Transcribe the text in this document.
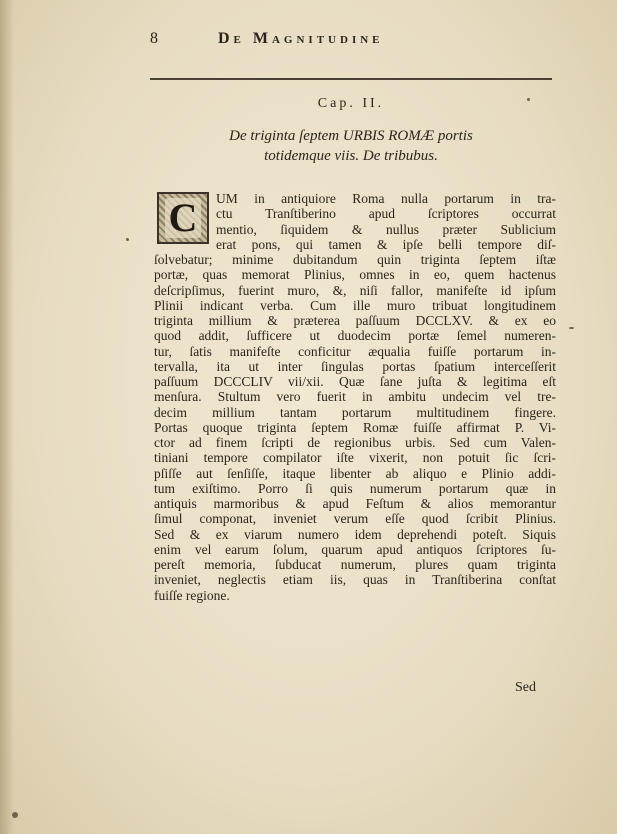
8	De Magnitudine
Cap. II.
De triginta ſeptem URBIS ROMÆ portis
totidemque viis. De tribubus.
UM in antiquiore Roma nulla portarum in tra-
ctu Tranſtiberino apud ſcriptores occurrat
mentio, ſiquidem & nullus præter Sublicium
erat pons, qui tamen & ipſe belli tempore diſ-
ſolvebatur; minime dubitandum quin triginta ſeptem iſtæ
portæ, quas memorat Plinius, omnes in eo, quem hactenus
deſcripſimus, fuerint muro, &, niſi fallor, manifeſte id ipſum
Plinii indicant verba. Cum ille muro tribuat longitudinem
triginta millium & præterea paſſuum DCCLXV. & ex eo
quod addit, ſufficere ut duodecim portæ ſemel numeren-
tur, ſatis manifeſte conficitur æqualia fuiſſe portarum in-
tervalla, ita ut inter ſingulas portas ſpatium interceſſerit
paſſuum DCCCLIV vii/xii. Quæ ſane juſta & legitima eſt
menſura. Stultum vero fuerit in ambitu undecim vel tre-
decim millium tantam portarum multitudinem fingere.
Portas quoque triginta ſeptem Romæ fuiſſe affirmat P. Vi-
ctor ad finem ſcripti de regionibus urbis. Sed cum Valen-
tiniani tempore compilator iſte vixerit, non potuit ſic ſcri-
pſiſſe aut ſenſiſſe, itaque libenter ab aliquo e Plinio addi-
tum exiſtimo. Porro ſi quis numerum portarum quæ in
antiquis marmoribus & apud Feſtum & alios memorantur
ſimul componat, inveniet verum eſſe quod ſcribit Plinius.
Sed & ex viarum numero idem deprehendi poteſt. Siquis
enim vel earum ſolum, quarum apud antiquos ſcriptores ſu-
pereſt memoria, ſubducat numerum, plures quam triginta
inveniet, neglectis etiam iis, quas in Tranſtiberina conſtat
fuiſſe regione.
C
Sed
